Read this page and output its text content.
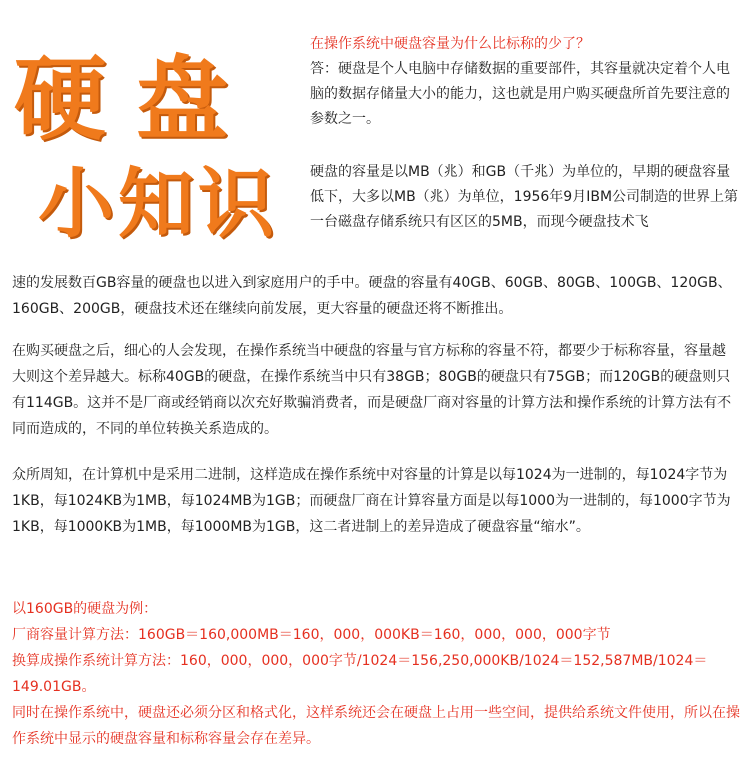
硬盘
小知识

在操作系统中硬盘容量为什么比标称的少了？

答：硬盘是个人电脑中存储数据的重要部件，其容量就决定着个人电脑的数据存储量大小的能力，这也就是用户购买硬盘所首先要注意的参数之一。

硬盘的容量是以MB（兆）和GB（千兆）为单位的，早期的硬盘容量低下，大多以MB（兆）为单位，1956年9月IBM公司制造的世界上第一台磁盘存储系统只有区区的5MB，而现今硬盘技术飞

速的发展数百GB容量的硬盘也以进入到家庭用户的手中。硬盘的容量有40GB、60GB、80GB、100GB、120GB、160GB、200GB，硬盘技术还在继续向前发展，更大容量的硬盘还将不断推出。

在购买硬盘之后，细心的人会发现，在操作系统当中硬盘的容量与官方标称的容量不符，都要少于标称容量，容量越大则这个差异越大。标称40GB的硬盘，在操作系统当中只有38GB；80GB的硬盘只有75GB；而120GB的硬盘则只有114GB。这并不是厂商或经销商以次充好欺骗消费者，而是硬盘厂商对容量的计算方法和操作系统的计算方法有不同而造成的，不同的单位转换关系造成的。

众所周知，在计算机中是采用二进制，这样造成在操作系统中对容量的计算是以每1024为一进制的，每1024字节为1KB，每1024KB为1MB，每1024MB为1GB；而硬盘厂商在计算容量方面是以每1000为一进制的，每1000字节为1KB，每1000KB为1MB，每1000MB为1GB，这二者进制上的差异造成了硬盘容量“缩水”。

以160GB的硬盘为例：

厂商容量计算方法：160GB＝160,000MB＝160，000，000KB＝160，000，000，000字节

换算成操作系统计算方法：160，000，000，000字节/1024＝156,250,000KB/1024＝152,587MB/1024＝149.01GB。

同时在操作系统中，硬盘还必须分区和格式化，这样系统还会在硬盘上占用一些空间，提供给系统文件使用，所以在操作系统中显示的硬盘容量和标称容量会存在差异。
